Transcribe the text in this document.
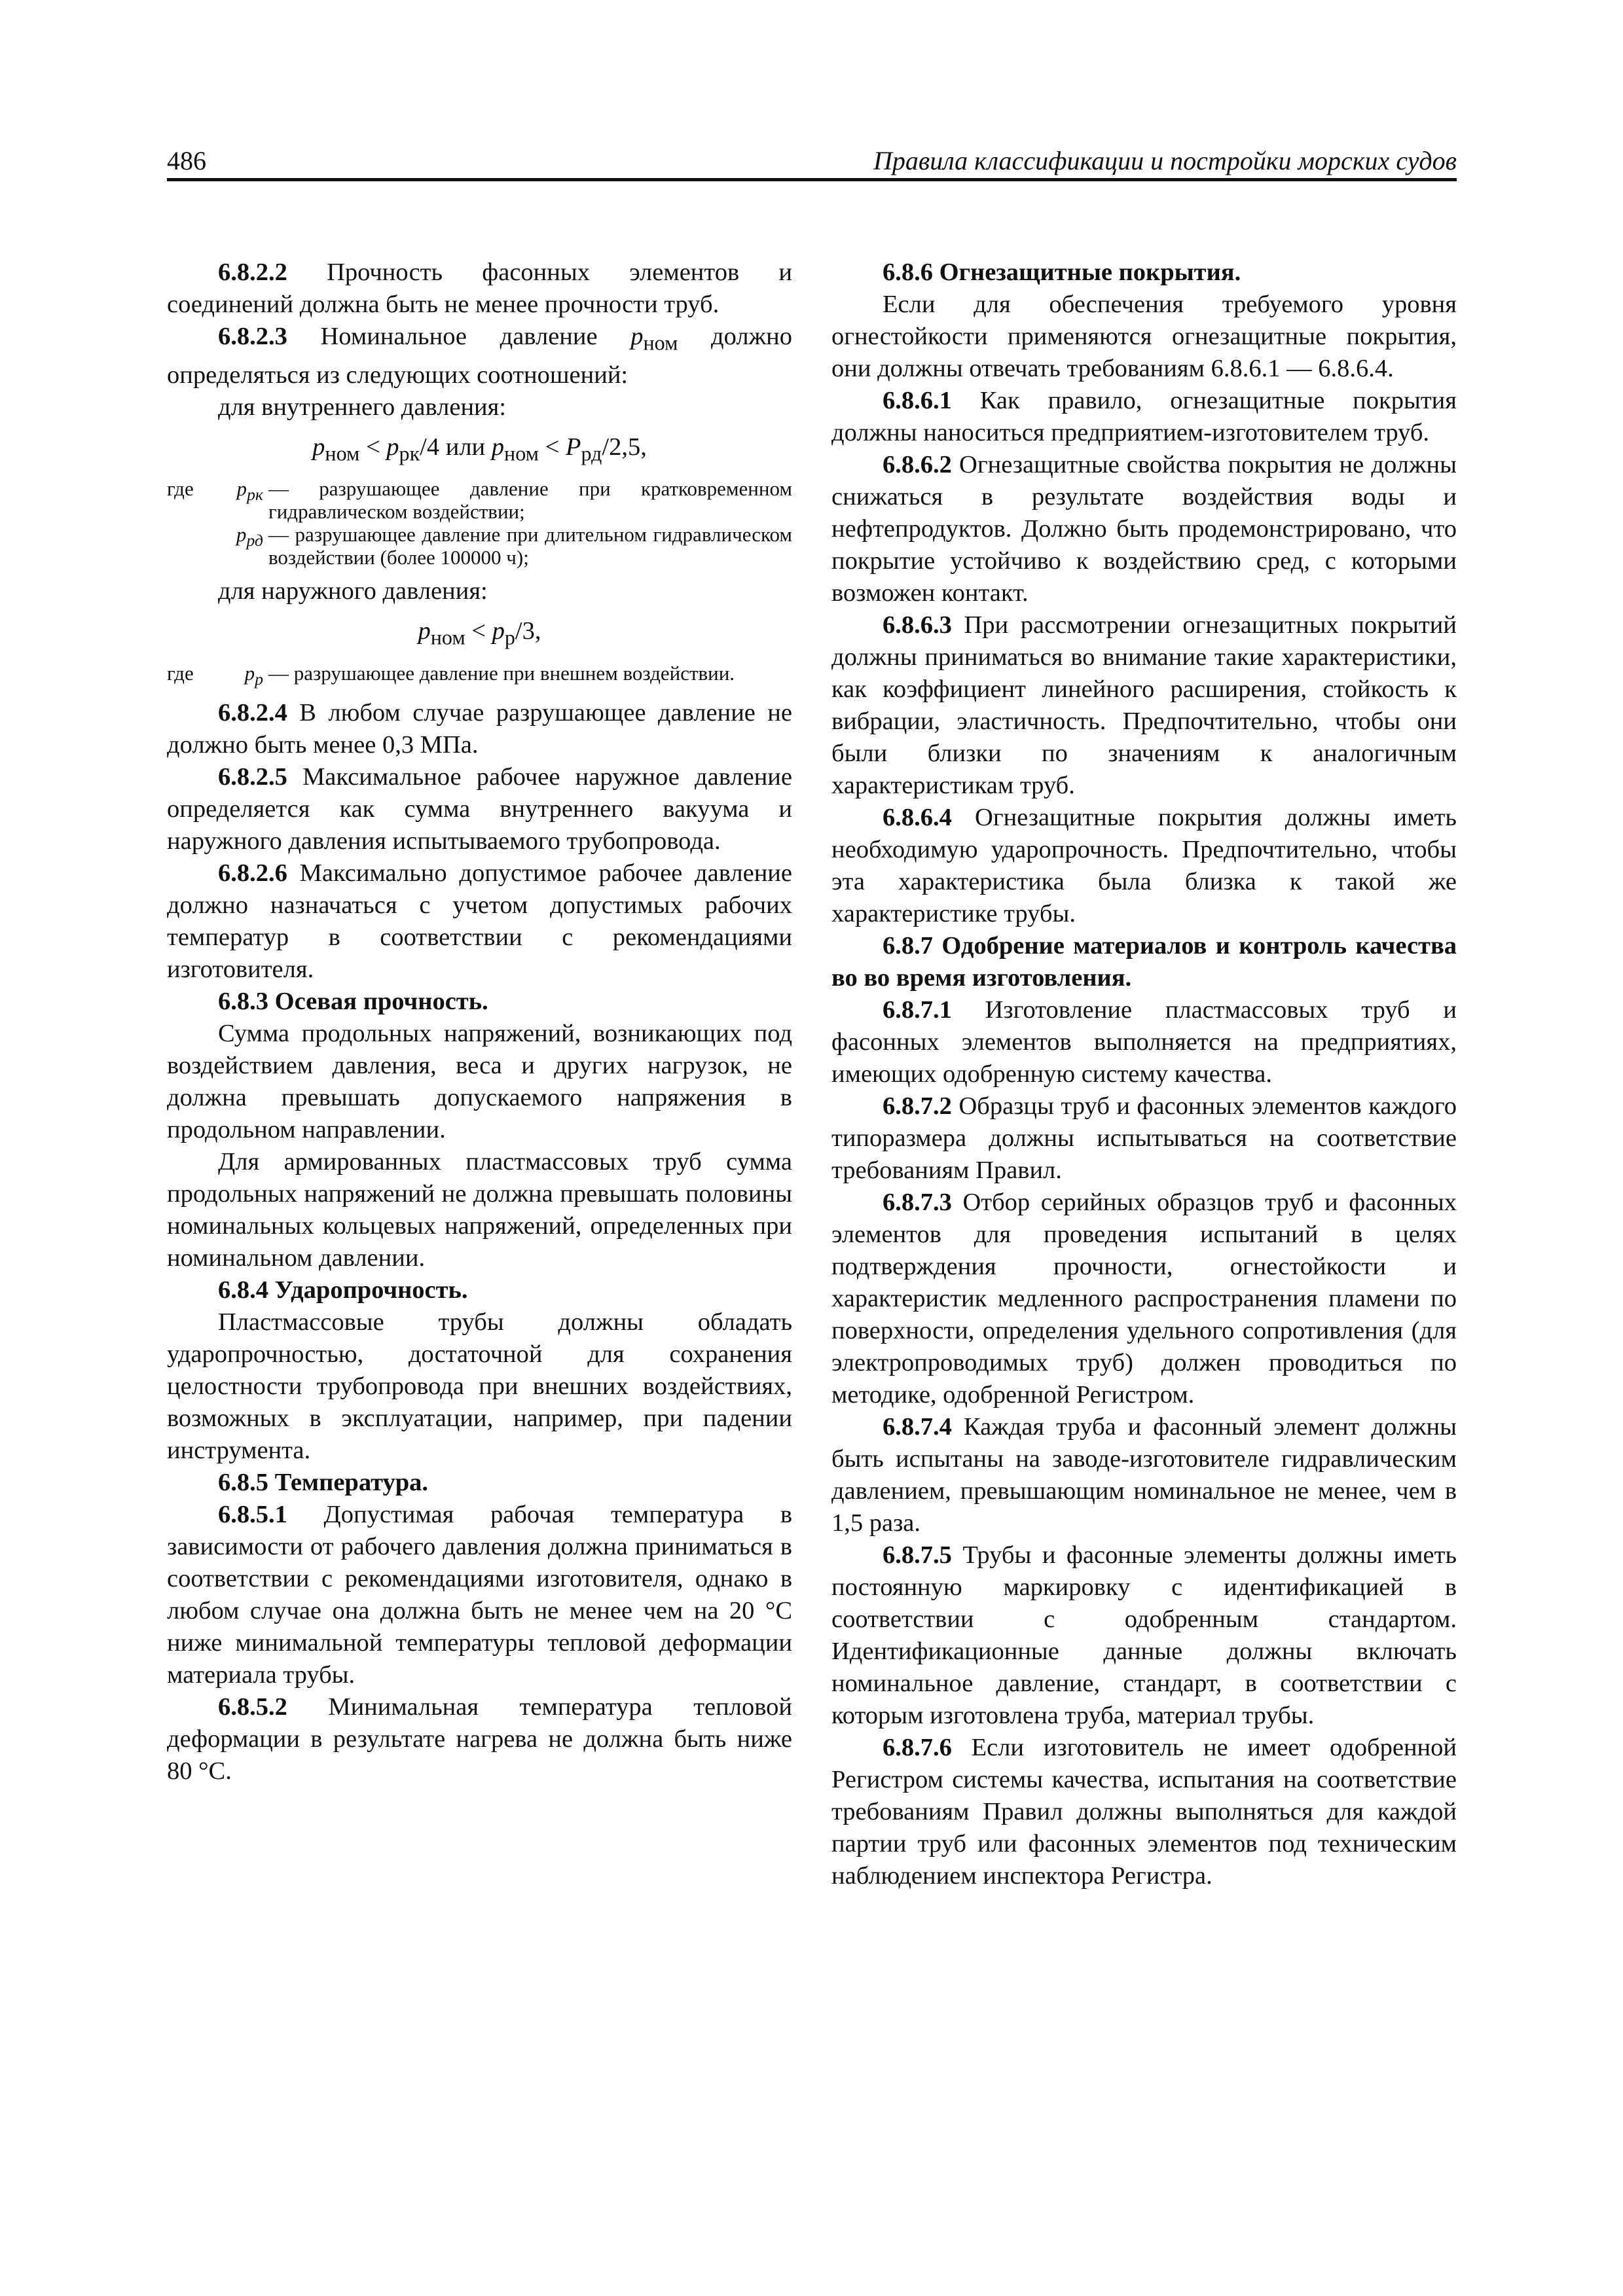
486	Правила классификации и постройки морских судов

6.8.2.2 Прочность фасонных элементов и соединений должна быть не менее прочности труб.

6.8.2.3 Номинальное давление $p_{ном}$ должно определяться из следующих соотношений:

для внутреннего давления:

$p_{ном} < p_{рк}/4$ или $p_{ном} < P_{рд}/2,5$,

где	$p_{рк}$ — разрушающее давление при кратковременном гидравлическом воздействии;
$p_{рд}$ — разрушающее давление при длительном гидравлическом воздействии (более 100000 ч);

для наружного давления:

$p_{ном} < p_р/3$,

где	$p_р$ — разрушающее давление при внешнем воздействии.

6.8.2.4 В любом случае разрушающее давление не должно быть менее 0,3 МПа.

6.8.2.5 Максимальное рабочее наружное давление определяется как сумма внутреннего вакуума и наружного давления испытываемого трубопровода.

6.8.2.6 Максимально допустимое рабочее давление должно назначаться с учетом допустимых рабочих температур в соответствии с рекомендациями изготовителя.

6.8.3 Осевая прочность.

Сумма продольных напряжений, возникающих под воздействием давления, веса и других нагрузок, не должна превышать допускаемого напряжения в продольном направлении.

Для армированных пластмассовых труб сумма продольных напряжений не должна превышать половины номинальных кольцевых напряжений, определенных при номинальном давлении.

6.8.4 Ударопрочность.

Пластмассовые трубы должны обладать ударопрочностью, достаточной для сохранения целостности трубопровода при внешних воздействиях, возможных в эксплуатации, например, при падении инструмента.

6.8.5 Температура.

6.8.5.1 Допустимая рабочая температура в зависимости от рабочего давления должна приниматься в соответствии с рекомендациями изготовителя, однако в любом случае она должна быть не менее чем на 20 °С ниже минимальной температуры тепловой деформации материала трубы.

6.8.5.2 Минимальная температура тепловой деформации в результате нагрева не должна быть ниже 80 °С.

6.8.6 Огнезащитные покрытия.

Если для обеспечения требуемого уровня огнестойкости применяются огнезащитные покрытия, они должны отвечать требованиям 6.8.6.1 — 6.8.6.4.

6.8.6.1 Как правило, огнезащитные покрытия должны наноситься предприятием-изготовителем труб.

6.8.6.2 Огнезащитные свойства покрытия не должны снижаться в результате воздействия воды и нефтепродуктов. Должно быть продемонстрировано, что покрытие устойчиво к воздействию сред, с которыми возможен контакт.

6.8.6.3 При рассмотрении огнезащитных покрытий должны приниматься во внимание такие характеристики, как коэффициент линейного расширения, стойкость к вибрации, эластичность. Предпочтительно, чтобы они были близки по значениям к аналогичным характеристикам труб.

6.8.6.4 Огнезащитные покрытия должны иметь необходимую ударопрочность. Предпочтительно, чтобы эта характеристика была близка к такой же характеристике трубы.

6.8.7 Одобрение материалов и контроль качества во во время изготовления.

6.8.7.1 Изготовление пластмассовых труб и фасонных элементов выполняется на предприятиях, имеющих одобренную систему качества.

6.8.7.2 Образцы труб и фасонных элементов каждого типоразмера должны испытываться на соответствие требованиям Правил.

6.8.7.3 Отбор серийных образцов труб и фасонных элементов для проведения испытаний в целях подтверждения прочности, огнестойкости и характеристик медленного распространения пламени по поверхности, определения удельного сопротивления (для электропроводимых труб) должен проводиться по методике, одобренной Регистром.

6.8.7.4 Каждая труба и фасонный элемент должны быть испытаны на заводе-изготовителе гидравлическим давлением, превышающим номинальное не менее, чем в 1,5 раза.

6.8.7.5 Трубы и фасонные элементы должны иметь постоянную маркировку с идентификацией в соответствии с одобренным стандартом. Идентификационные данные должны включать номинальное давление, стандарт, в соответствии с которым изготовлена труба, материал трубы.

6.8.7.6 Если изготовитель не имеет одобренной Регистром системы качества, испытания на соответствие требованиям Правил должны выполняться для каждой партии труб или фасонных элементов под техническим наблюдением инспектора Регистра.
